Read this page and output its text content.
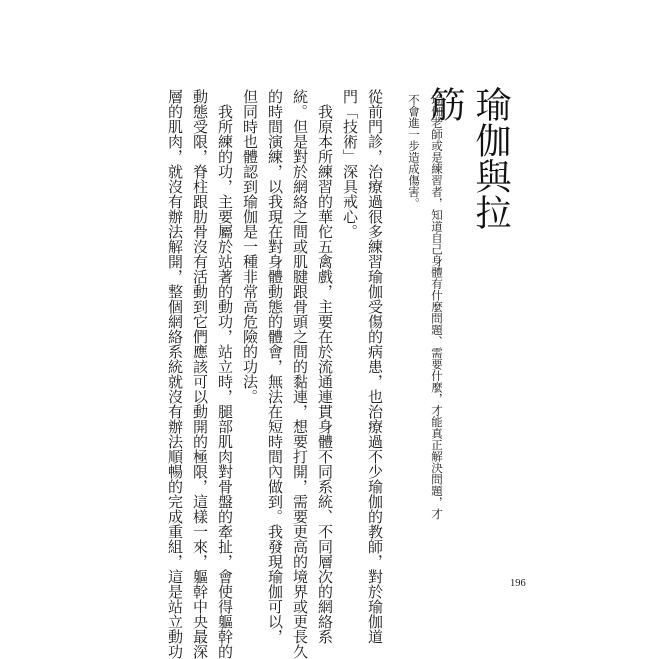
瑜伽與拉筋
瑜伽老師或是練習者，知道自己身體有什麼問題、需要什麼，才能真正解決問題，才
不會進一步造成傷害。
從前門診，治療過很多練習瑜伽受傷的病患，也治療過不少瑜伽的教師，對於瑜伽道
門「技術」深具戒心。
我原本所練習的華佗五禽戲，主要在於流通連貫身體不同系統、不同層次的網絡系
統。但是對於網絡之間或肌腱跟骨頭之間的黏連，想要打開，需要更高的境界或更長久
的時間演練，以我現在對身體動態的體會，無法在短時間內做到。我發現瑜伽可以，
但同時也體認到瑜伽是一種非常高危險的功法。
我所練的功，主要屬於站著的動功，站立時，腿部肌肉對骨盤的牽扯，會使得軀幹的
動態受限，脊柱跟肋骨沒有活動到它們應該可以動開的極限，這樣一來，軀幹中央最深
層的肌肉，就沒有辦法解開，整個網絡系統就沒有辦法順暢的完成重組，這是站立動功	196
